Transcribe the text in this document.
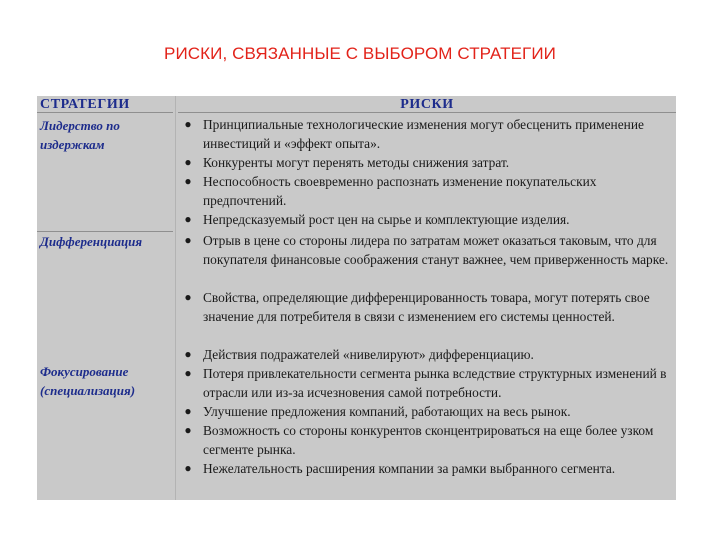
РИСКИ, СВЯЗАННЫЕ С ВЫБОРОМ СТРАТЕГИИ
СТРАТЕГИИ	РИСКИ
Лидерство по издержкам
Дифференциация
Фокусирование (специализация)
● Принципиальные технологические изменения могут обесценить применение инвестиций и «эффект опыта».
● Конкуренты могут перенять методы снижения затрат.
● Неспособность своевременно распознать изменение покупательских предпочтений.
● Непредсказуемый рост цен на сырье и комплектующие изделия.
● Отрыв в цене со стороны лидера по затратам может оказаться таковым, что для покупателя финансовые соображения станут важнее, чем приверженность марке.
● Свойства, определяющие дифференцированность товара, могут потерять свое значение для потребителя в связи с изменением его системы ценностей.
● Действия подражателей «нивелируют» дифференциацию.
● Потеря привлекательности сегмента рынка вследствие структурных изменений в отрасли или из-за исчезновения самой потребности.
● Улучшение предложения компаний, работающих на весь рынок.
● Возможность со стороны конкурентов сконцентрироваться на еще более узком сегменте рынка.
● Нежелательность расширения компании за рамки выбранного сегмента.
